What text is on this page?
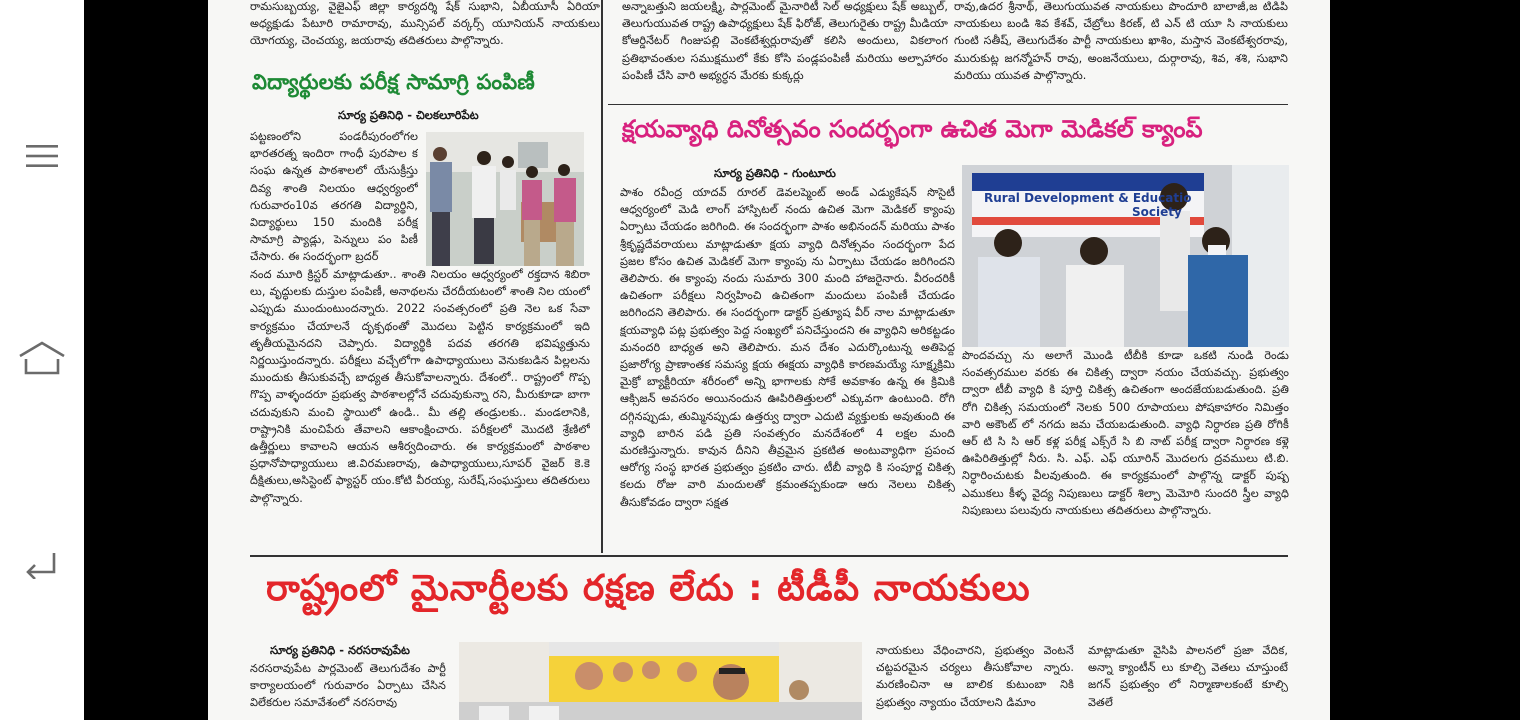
రామసుబ్బయ్య, వైజైఎఫ్ జిల్లా కార్యదర్శి షేక్ సుభాని, ఏబీయూసీ ఏరియా అధ్యక్షుడు పేటూరి రామారావు, మున్సిపల్ వర్కర్స్ యూనియన్ నాయకులు యోగయ్య, చెంచయ్య, జయరావు తదితరులు పాల్గొన్నారు.
అన్నాబత్తుని జయలక్ష్మి, పార్లమెంట్ మైనారిటీ సెల్ అధ్యక్షులు షేక్ అబ్బుల్, తెలుగుయువత రాష్ట్ర ఉపాధ్యక్షులు షేక్ ఫిరోజ్, తెలుగురైతు రాష్ట్ర మీడియా కోఆర్డినేటర్ గింజుపల్లి వెంకటేశ్వర్లురావుతో కలిసి అందులు, వికలాంగ ప్రతిభావంతుల సముక్షములో కేకు కోసి పండ్లపంపిణీ మరియు అల్పాహారం పంపిణీ చేసి వారి అభ్యర్ధన మేరకు కుక్కర్లు
రావు,ఉదర శ్రీనాథ్, తెలుగుయువత నాయకులు పొందూరి బాలాజీ,జ టిడిపి నాయకులు బండి శివ కేశవ్, చేబ్రోలు కిరణ్, టి ఎన్ టి యూ సి నాయకులు గుంటి సతీష్, తెలుగుదేశం పార్టీ నాయకులు ఖాశిం, మస్తాన వెంకటేశ్వరరావు, మురుకుట్ల జగన్మోహన్ రావు, అంజనేయులు, దుర్గారావు, శివ, శశి, సుభాని మరియు యువత పాల్గొన్నారు.
విద్యార్థులకు పరీక్ష సామాగ్రి పంపిణీ
సూర్య ప్రతినిధి - చిలకలూరిపేట
పట్టణంలోని పండరీపురంలోగల భారతరత్న ఇందిరా గాంధీ పురపాల క సంఘ ఉన్నత పాఠశాలలో యేసుక్రీస్తు దివ్య శాంతి నిలయం ఆధ్వర్యంలో గురువారం10వ తరగతి విద్యార్థిని, విద్యార్థులు 150 మందికి పరీక్ష సామాగ్రి ప్యాడ్లు, పెన్నులు పం పిణీ చేసారు. ఈ సందర్భంగా బ్రదర్
నంద మూరి క్రిస్టర్ మాట్లాడుతూ.. శాంతి నిలయం ఆధ్వర్యంలో రక్తదాన శిబిరా లు, వృద్ధులకు దుస్తుల పంపిణీ, అనాథలను చేరదీయటంలో శాంతి నిల యంలో ఎప్పుడు ముందుంటుందన్నారు. 2022 సంవత్సరంలో ప్రతి నెల ఒక సేవా కార్యక్రమం చేయాలనే దృక్పథంతో మొదలు పెట్టిన కార్యక్రమంలో ఇది తృతీయమైనదని చెప్పారు. విద్యార్థికి పదవ తరగతి భవిష్యత్తును నిర్ణయిస్తుందన్నారు. పరీక్షలు వచ్చేలోగా ఉపాధ్యాయులు వెనుకబడిన పిల్లలను ముందుకు తీసుకువచ్చే బాధ్యత తీసుకోవాలన్నారు. దేశంలో.. రాష్ట్రంలో గొప్ప గొప్ప వాళ్ళందరూ ప్రభుత్వ పాఠశాలల్లోనే చదువుకున్నా రని, మీరుకూడా బాగా చదువుకుని మంచి స్థాయిలో ఉండి.. మీ తల్లి తండ్రులకు.. మండలానికి, రాష్ట్రానికి మంచిపేరు తేవాలని ఆకాంక్షించారు. పరీక్షలలో మొదటి శ్రేణిలో ఉత్తీర్ణులు కావాలని ఆయన ఆశీర్వదించారు. ఈ కార్యక్రమంలో పాఠశాల ప్రధానోపాధ్యాయులు జి.విరమణరావు, ఉపాధ్యాయులు,సూపర్ వైజర్ కె.కె దీక్షితులు,అసిస్టెంట్ ఫ్యాస్టర్ యం.కోటి వీరయ్య, సురేష్,సంఘస్తులు తదితరులు పాల్గొన్నారు.
క్షయవ్యాధి దినోత్సవం సందర్భంగా ఉచిత మెగా మెడికల్ క్యాంప్
సూర్య ప్రతినిధి - గుంటూరు
పాశం రవీంద్ర యాదవ్ రూరల్ డెవలప్మెంట్ అండ్ ఎడ్యుకేషన్ సొసైటీ ఆధ్వర్యంలో మెడి లాంగ్ హాస్పిటల్ నందు ఉచిత మెగా మెడికల్ క్యాంపు ఏర్పాటు చేయడం జరిగింది. ఈ సందర్భంగా పాశం అభినందన్ మరియు పాశం శ్రీకృష్ణదేవరాయలు మాట్లాడుతూ క్షయ వ్యాధి దినోత్సవం సందర్భంగా పేద ప్రజల కోసం ఉచిత మెడికల్ మెగా క్యాంపు ను ఏర్పాటు చేయడం జరిగిందని తెలిపారు. ఈ క్యాంపు నందు సుమారు 300 మంది హాజరైనారు. వీరందరికీ ఉచితంగా పరీక్షలు నిర్వహించి ఉచితంగా మందులు పంపిణీ చేయడం జరిగిందని తెలిపారు. ఈ సందర్భంగా డాక్టర్ ప్రత్యూష వీర్ నాల మాట్లాడుతూ క్షయవ్యాధి పట్ల ప్రభుత్వం పెద్ద సంఖ్యలో పనిచేస్తుందని ఈ వ్యాధిని అరికట్టడం మనందరి బాధ్యత అని తెలిపారు. మన దేశం ఎదుర్కొంటున్న అతిపెద్ద ప్రజారోగ్య ప్రాణాంతక సమస్య క్షయ ఈక్షయ వ్యాధికి కారణమయ్యే సూక్ష్మక్రిమి మైక్రో బ్యాక్టీరియా శరీరంలో అన్ని భాగాలకు సోకే అవకాశం ఉన్న ఈ క్రిమికి ఆక్సిజన్ అవసరం అయినందున ఊపిరితిత్తులలో ఎక్కువగా ఉంటుంది. రోగి దగ్గినప్పుడు, తుమ్మినప్పుడు ఉత్తర్వు ద్వారా ఎదుటి వ్యక్తులకు అవుతుంది ఈ వ్యాధి బారిన పడి ప్రతి సంవత్సరం మనదేశంలో 4 లక్షల మంది మరణిస్తున్నారు. కావున దీనిని తీవ్రమైన ప్రకటిత అంటువ్యాధిగా ప్రపంచ ఆరోగ్య సంస్థ భారత ప్రభుత్వం ప్రకటిం చారు. టీబీ వ్యాధి కి సంపూర్ణ చికిత్స కలదు రోజు వారి మందులతో క్రమంతప్పకుండా ఆరు నెలలు చికిత్స తీసుకోవడం ద్వారా సక్షత
Rural Development & Educatio
Society
పొందవచ్చు ను అలాగే మొండి టీబీకి కూడా ఒకటి నుండి రెండు సంవత్సరముల వరకు ఈ చికిత్స ద్వారా నయం చేయవచ్చు. ప్రభుత్వం ద్వారా టీబీ వ్యాధి కి పూర్తి చికిత్స ఉచితంగా అందజేయబడుతుంది. ప్రతి రోగి చికిత్స సమయంలో నెలకు 500 రూపాయలు పోషకాహారం నిమిత్తం వారి అకౌంట్ లో నగదు జమ చేయబడుతుంది. వ్యాధి నిర్ధారణ ప్రతి రోగికీ ఆర్ టి సి సి ఆర్ కళ్ల పరీక్ష ఎక్స్‌రే సి బి నాట్ పరీక్ష ద్వారా నిర్ధారణ కళ్లె ఊపిరితిత్తుల్లో నీరు. సి. ఎఫ్. ఎఫ్ యూరిన్ మొదలగు ద్రవములు టి.బి. నిర్ధారించుటకు వీలవుతుంది. ఈ కార్యక్రమంలో పాల్గొన్న డాక్టర్ పుష్ప ఎముకలు కీళ్ళ వైద్య నిపుణులు డాక్టర్ శిల్పా మెమోరి సుందరి స్త్రీల వ్యాధి నిపుణులు పలువురు నాయకులు తదితరులు పాల్గొన్నారు.
రాష్ట్రంలో మైనార్టీలకు రక్షణ లేదు : టీడీపీ నాయకులు
సూర్య ప్రతినిధి - నరసరావుపేట
నరసరావుపేట పార్లమెంట్ తెలుగుదేశం పార్టీ కార్యాలయంలో గురువారం ఏర్పాటు చేసిన విలేకరుల సమావేశంలో నరసరావు
నాయకులు వేధించారని, ప్రభుత్వం వెంటనే చట్టపరమైన చర్యలు తీసుకోవాల న్నారు. మరణించినా ఆ బాలిక కుటుంబా నికి ప్రభుత్వం న్యాయం చేయాలని డిమాం
మాట్లాడుతూ వైసిపి పాలనలో ప్రజా వేదిక, అన్నా క్యాంటీన్ లు కూల్చి వెతలు చూస్తుంటే జగన్ ప్రభుత్వం లో నిర్మాణాలకంటే కూల్చి వెతలే
